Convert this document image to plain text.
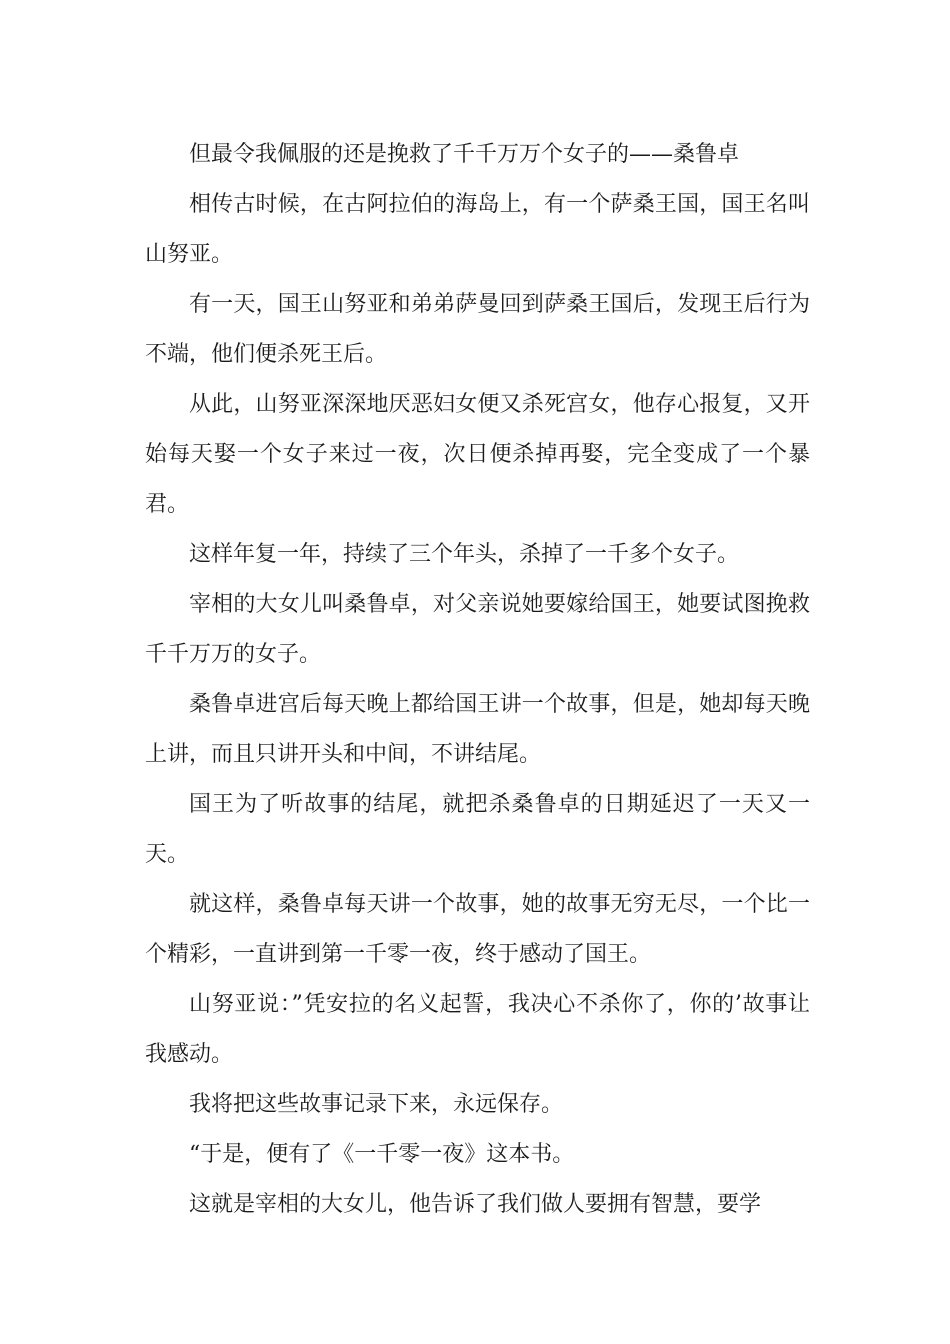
但最令我佩服的还是挽救了千千万万个女子的——桑鲁卓

相传古时候，在古阿拉伯的海岛上，有一个萨桑王国，国王名叫山努亚。

有一天，国王山努亚和弟弟萨曼回到萨桑王国后，发现王后行为不端，他们便杀死王后。

从此，山努亚深深地厌恶妇女便又杀死宫女，他存心报复，又开始每天娶一个女子来过一夜，次日便杀掉再娶，完全变成了一个暴君。

这样年复一年，持续了三个年头，杀掉了一千多个女子。

宰相的大女儿叫桑鲁卓，对父亲说她要嫁给国王，她要试图挽救千千万万的女子。

桑鲁卓进宫后每天晚上都给国王讲一个故事，但是，她却每天晚上讲，而且只讲开头和中间，不讲结尾。

国王为了听故事的结尾，就把杀桑鲁卓的日期延迟了一天又一天。

就这样，桑鲁卓每天讲一个故事，她的故事无穷无尽，一个比一个精彩，一直讲到第一千零一夜，终于感动了国王。

山努亚说：”凭安拉的名义起誓，我决心不杀你了，你的’故事让我感动。

我将把这些故事记录下来，永远保存。

“于是，便有了《一千零一夜》这本书。

这就是宰相的大女儿，他告诉了我们做人要拥有智慧，要学
